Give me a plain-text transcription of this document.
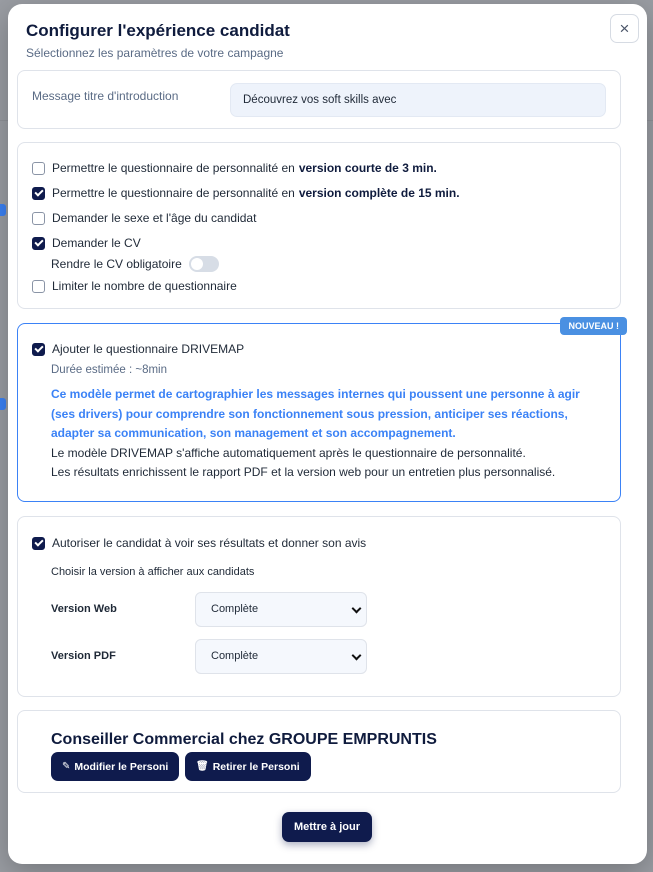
Configurer l'expérience candidat
Sélectionnez les paramètres de votre campagne
×
Message titre d'introduction	Découvrez vos soft skills avec
Permettre le questionnaire de personnalité en version courte de 3 min.
Permettre le questionnaire de personnalité en version complète de 15 min.
Demander le sexe et l'âge du candidat
Demander le CV
Rendre le CV obligatoire
Limiter le nombre de questionnaire
NOUVEAU !
Ajouter le questionnaire DRIVEMAP
Durée estimée : ~8min
Ce modèle permet de cartographier les messages internes qui poussent une personne à agir (ses drivers) pour comprendre son fonctionnement sous pression, anticiper ses réactions, adapter sa communication, son management et son accompagnement.
Le modèle DRIVEMAP s'affiche automatiquement après le questionnaire de personnalité.
Les résultats enrichissent le rapport PDF et la version web pour un entretien plus personnalisé.
Autoriser le candidat à voir ses résultats et donner son avis
Choisir la version à afficher aux candidats
Version Web	Complète
Version PDF	Complète
Conseiller Commercial chez GROUPE EMPRUNTIS
✎ Modifier le Personi	🗑 Retirer le Personi
Mettre à jour
